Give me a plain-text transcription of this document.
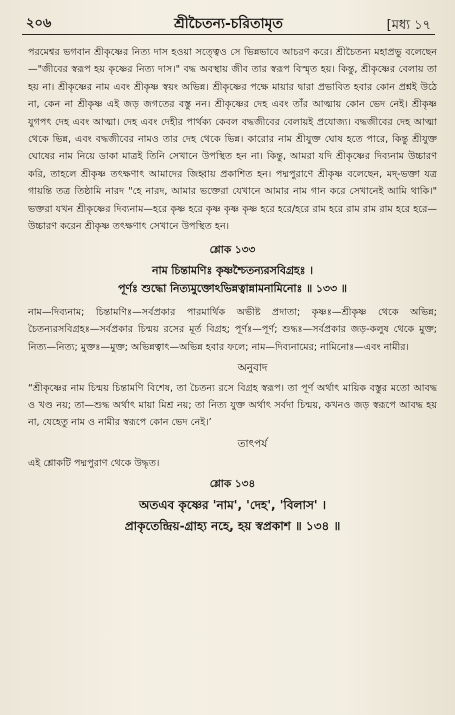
২০৬	শ্রীচৈতন্য-চরিতামৃত	[মধ্য ১৭

পরমেশ্বর ভগবান শ্রীকৃষ্ণের নিত্য দাস হওয়া সত্ত্বেও সে ভিন্নভাবে আচরণ করে। শ্রীচৈতন্য মহাপ্রভু বলেছেন—"জীবের স্বরূপ হয় কৃষ্ণের নিত্য দাস।" বদ্ধ অবস্থায় জীব তার স্বরূপ বিস্মৃত হয়। কিন্তু, শ্রীকৃষ্ণের বেলায় তা হয় না। শ্রীকৃষ্ণের নাম এবং শ্রীকৃষ্ণ স্বয়ং অভিন্ন। শ্রীকৃষ্ণের পক্ষে মায়ার দ্বারা প্রভাবিত হবার কোন প্রশ্নই উঠে না, কেন না শ্রীকৃষ্ণ এই জড় জগতের বস্তু নন। শ্রীকৃষ্ণের দেহ এবং তাঁর আত্মায় কোন ভেদ নেই। শ্রীকৃষ্ণ যুগপৎ দেহ এবং আত্মা। দেহ এবং দেহীর পার্থক্য কেবল বদ্ধজীবের বেলায়ই প্রযোজ্য। বদ্ধজীবের দেহ আত্মা থেকে ভিন্ন, এবং বদ্ধজীবের নামও তার দেহ থেকে ভিন্ন। কারোর নাম শ্রীযুক্ত ঘোষ হতে পারে, কিন্তু শ্রীযুক্ত ঘোষের নাম নিয়ে ডাকা মাত্রই তিনি সেখানে উপস্থিত হন না। কিন্তু, আমরা যদি শ্রীকৃষ্ণের দিব্যনাম উচ্চারণ করি, তাহলে শ্রীকৃষ্ণ তৎক্ষণাৎ আমাদের জিহ্বায় প্রকাশিত হন। পদ্মপুরাণে শ্রীকৃষ্ণ বলেছেন, মদ্-ভক্তা যত্র গায়ন্তি তত্র তিষ্ঠামি নারদ "হে নারদ, আমার ভক্তেরা যেখানে আমার নাম গান করে সেখানেই আমি থাকি।" ভক্তরা যখন শ্রীকৃষ্ণের দিব্যনাম—হরে কৃষ্ণ হরে কৃষ্ণ কৃষ্ণ কৃষ্ণ হরে হরে/হরে রাম হরে রাম রাম রাম হরে হরে—উচ্চারণ করেন শ্রীকৃষ্ণ তৎক্ষণাৎ সেখানে উপস্থিত হন।

শ্লোক ১৩৩

নাম চিন্তামণিঃ কৃষ্ণশ্চৈতন্যরসবিগ্রহঃ ।

পূর্ণঃ শুদ্ধো নিত্যমুক্তোঽভিন্নত্বান্নামনামিনোঃ ॥ ১৩৩ ॥

নাম—দিব্যনাম; চিন্তামণিঃ—সর্বপ্রকার পারমার্থিক অভীষ্ট প্রদাতা; কৃষ্ণঃ—শ্রীকৃষ্ণ থেকে অভিন্ন; চৈতন্যরসবিগ্রহঃ—সর্বপ্রকার চিন্ময় রসের মূর্ত বিগ্রহ; পূর্ণঃ—পূর্ণ; শুদ্ধঃ—সর্বপ্রকার জড়-কলুষ থেকে মুক্ত; নিত্য—নিত্য; মুক্তঃ—মুক্ত; অভিন্নত্বাৎ—অভিন্ন হবার ফলে; নাম—দিব্যনামের; নামিনোঃ—এবং নামীর।

অনুবাদ

“শ্রীকৃষ্ণের নাম চিন্ময় চিন্তামণি বিশেষ, তা চৈতন্য রসে বিগ্রহ স্বরূপ। তা পূর্ণ অর্থাৎ মায়িক বস্তুর মতো আবদ্ধ ও খণ্ড নয়; তা—শুদ্ধ অর্থাৎ মায়া মিশ্র নয়; তা নিত্য যুক্ত অর্থাৎ সর্বদা চিন্ময়, কখনও জড় স্বরূপে আবদ্ধ হয় না, যেহেতু নাম ও নামীর স্বরূপে কোন ভেদ নেই।’

তাৎপর্য

এই শ্লোকটি পদ্মপুরাণ থেকে উদ্ধৃত।

শ্লোক ১৩৪

অতএব কৃষ্ণের 'নাম', 'দেহ', 'বিলাস' ।

প্রাকৃতেন্দ্রিয়-গ্রাহ্য নহে, হয় স্বপ্রকাশ ॥ ১৩৪ ॥
